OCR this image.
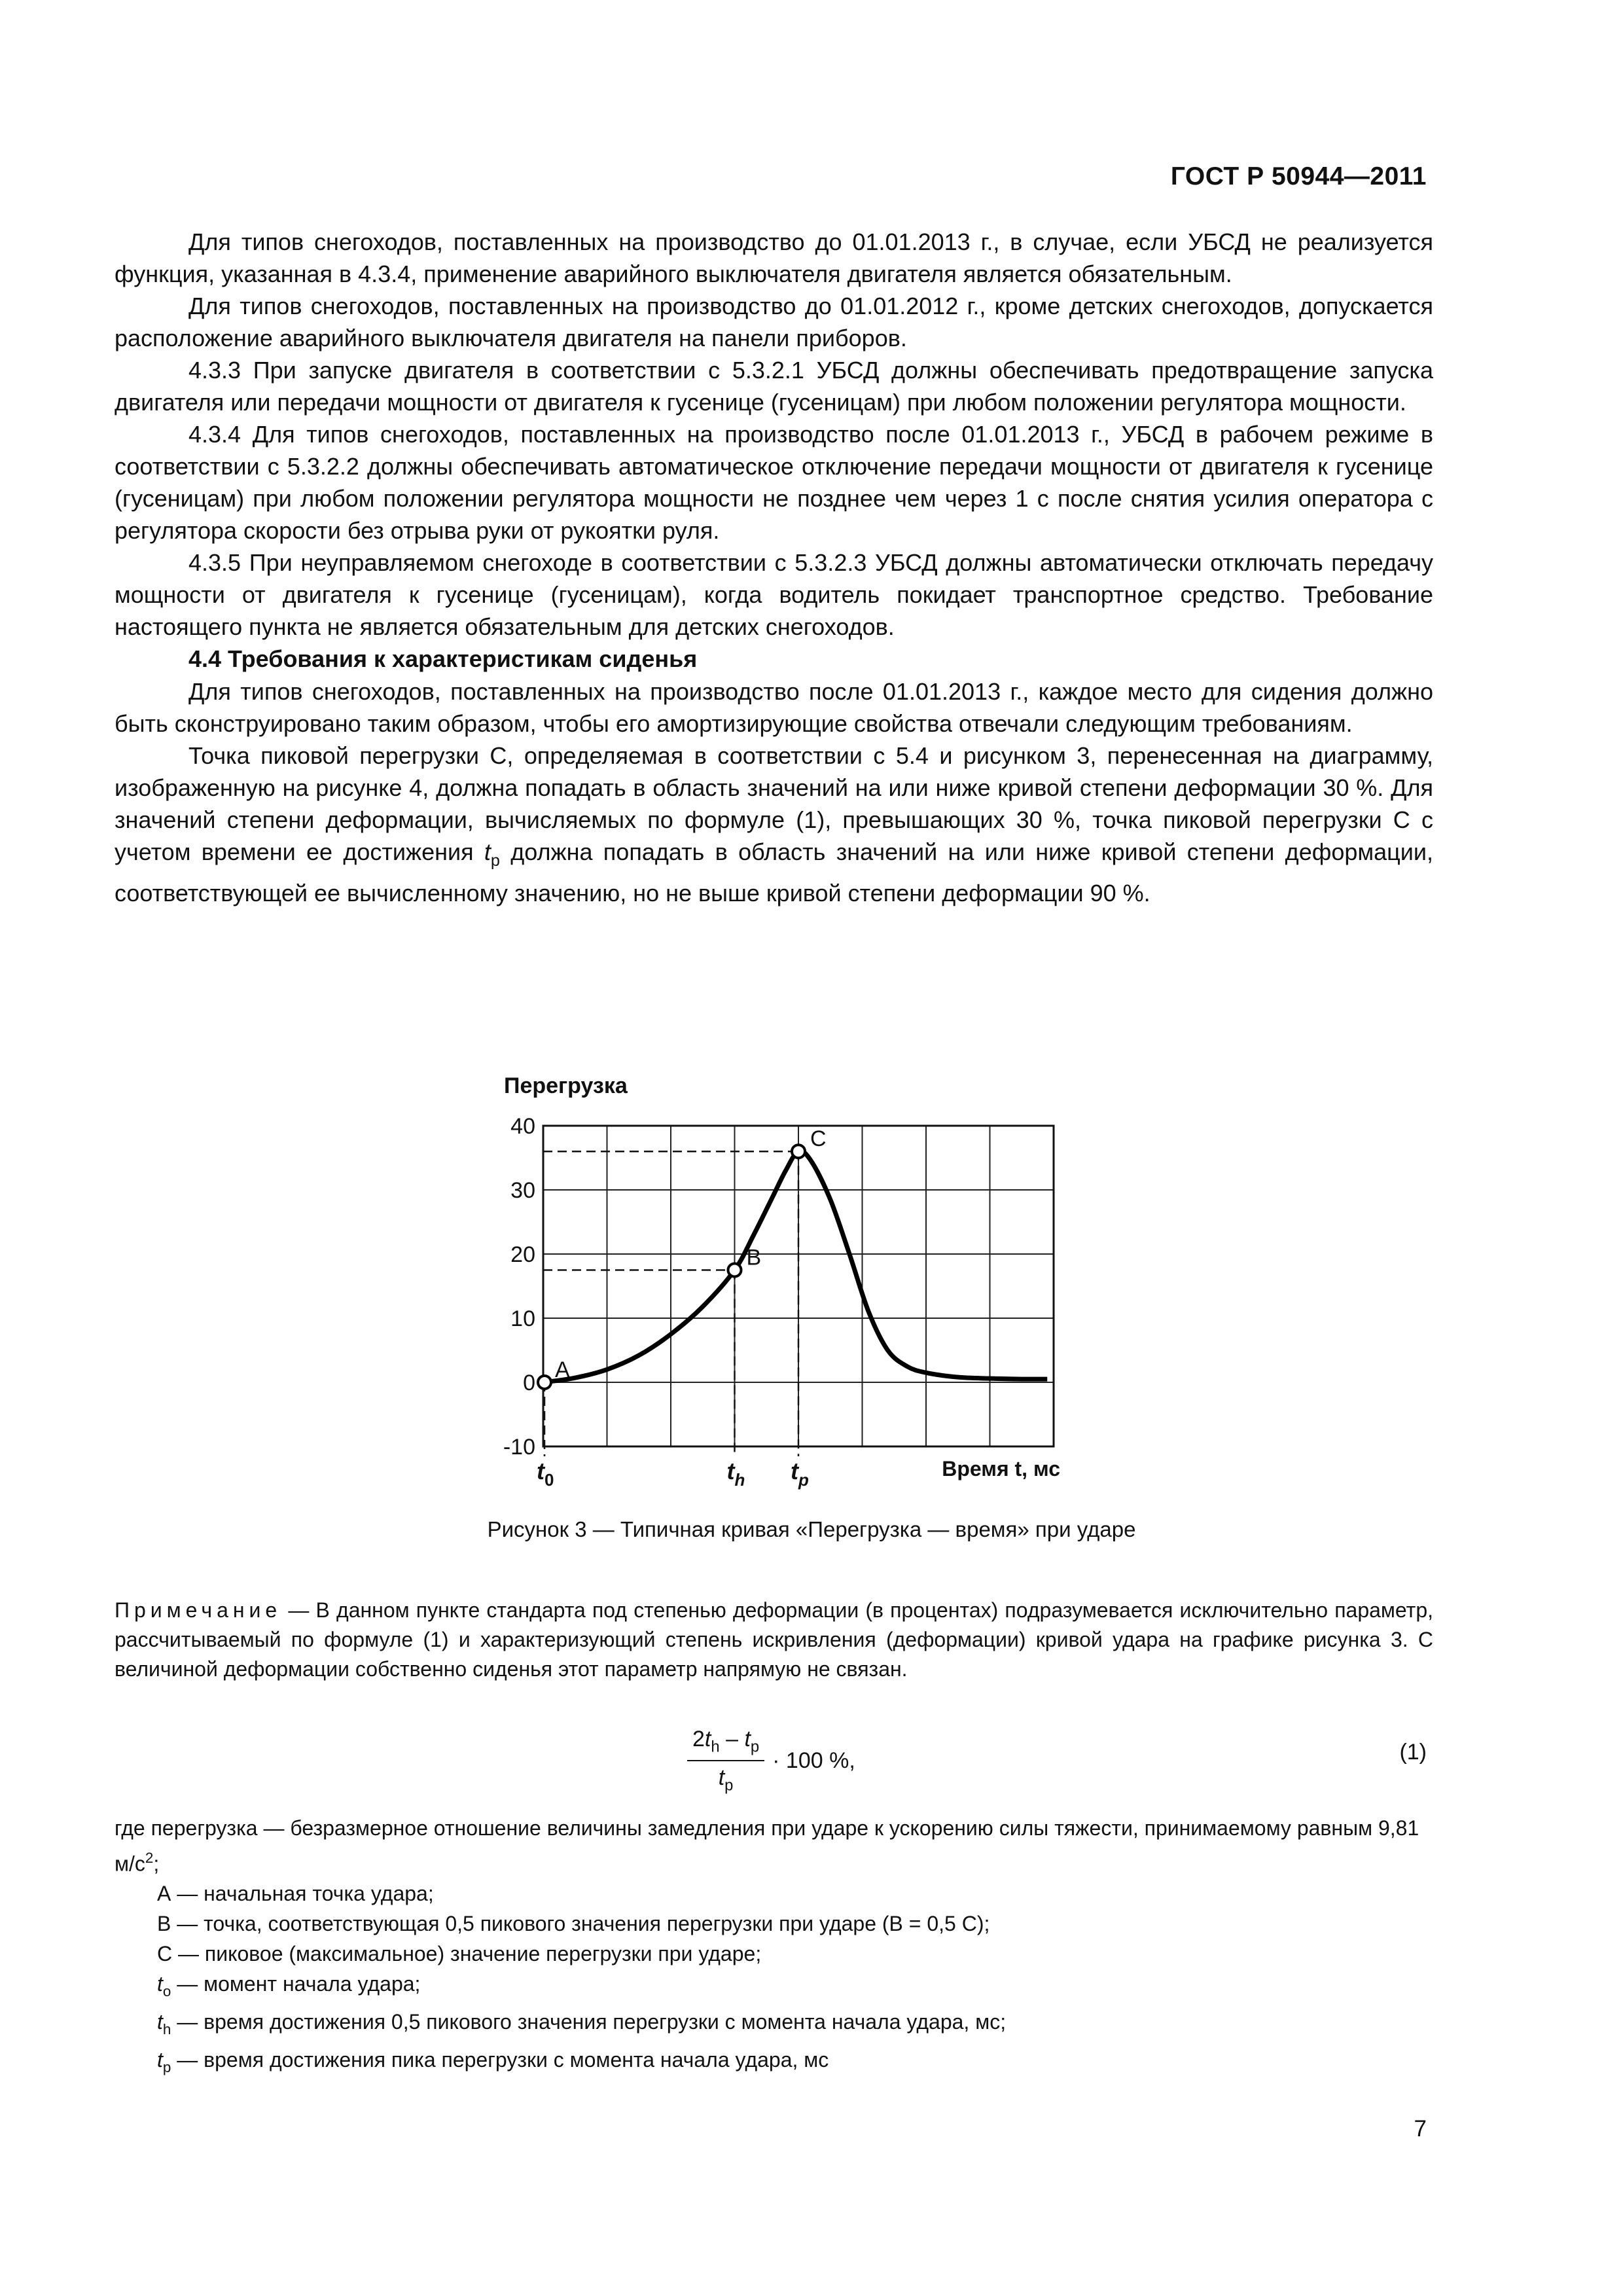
ГОСТ Р 50944—2011

Для типов снегоходов, поставленных на производство до 01.01.2013 г., в случае, если УБСД не реализуется функция, указанная в 4.3.4, применение аварийного выключателя двигателя является обязательным.

Для типов снегоходов, поставленных на производство до 01.01.2012 г., кроме детских снегоходов, допускается расположение аварийного выключателя двигателя на панели приборов.

4.3.3 При запуске двигателя в соответствии с 5.3.2.1 УБСД должны обеспечивать предотвращение запуска двигателя или передачи мощности от двигателя к гусенице (гусеницам) при любом положении регулятора мощности.

4.3.4 Для типов снегоходов, поставленных на производство после 01.01.2013 г., УБСД в рабочем режиме в соответствии с 5.3.2.2 должны обеспечивать автоматическое отключение передачи мощности от двигателя к гусенице (гусеницам) при любом положении регулятора мощности не позднее чем через 1 с после снятия усилия оператора с регулятора скорости без отрыва руки от рукоятки руля.

4.3.5 При неуправляемом снегоходе в соответствии с 5.3.2.3 УБСД должны автоматически отключать передачу мощности от двигателя к гусенице (гусеницам), когда водитель покидает транспортное средство. Требование настоящего пункта не является обязательным для детских снегоходов.

4.4 Требования к характеристикам сиденья

Для типов снегоходов, поставленных на производство после 01.01.2013 г., каждое место для сидения должно быть сконструировано таким образом, чтобы его амортизирующие свойства отвечали следующим требованиям.

Точка пиковой перегрузки С, определяемая в соответствии с 5.4 и рисунком 3, перенесенная на диаграмму, изображенную на рисунке 4, должна попадать в область значений на или ниже кривой степени деформации 30 %. Для значений степени деформации, вычисляемых по формуле (1), превышающих 30 %, точка пиковой перегрузки С с учетом времени ее достижения $t_p$ должна попадать в область значений на или ниже кривой степени деформации, соответствующей ее вычисленному значению, но не выше кривой степени деформации 90 %.

40
30
20
10
0
-10
Перегрузка
A
B
C
$t_0$	$t_h$ $t_p$	Время t, мс
Рисунок 3 — Типичная кривая «Перегрузка — время» при ударе
Примечание — В данном пункте стандарта под степенью деформации (в процентах) подразумевается исключительно параметр, рассчитываемый по формуле (1) и характеризующий степень искривления (деформации) кривой удара на графике рисунка 3. С величиной деформации собственно сиденья этот параметр напрямую не связан.
$\frac{2t_h - t_p}{t_p} \cdot 100$ %,	(1)
где перегрузка — безразмерное отношение величины замедления при ударе к ускорению силы тяжести, принимаемому равным 9,81 $м/с^2$;
А — начальная точка удара;
В — точка, соответствующая 0,5 пикового значения перегрузки при ударе (В = 0,5 С);
С — пиковое (максимальное) значение перегрузки при ударе;
$t_o$ — момент начала удара;
$t_h$ — время достижения 0,5 пикового значения перегрузки с момента начала удара, мс;
$t_p$ — время достижения пика перегрузки с момента начала удара, мс
7
